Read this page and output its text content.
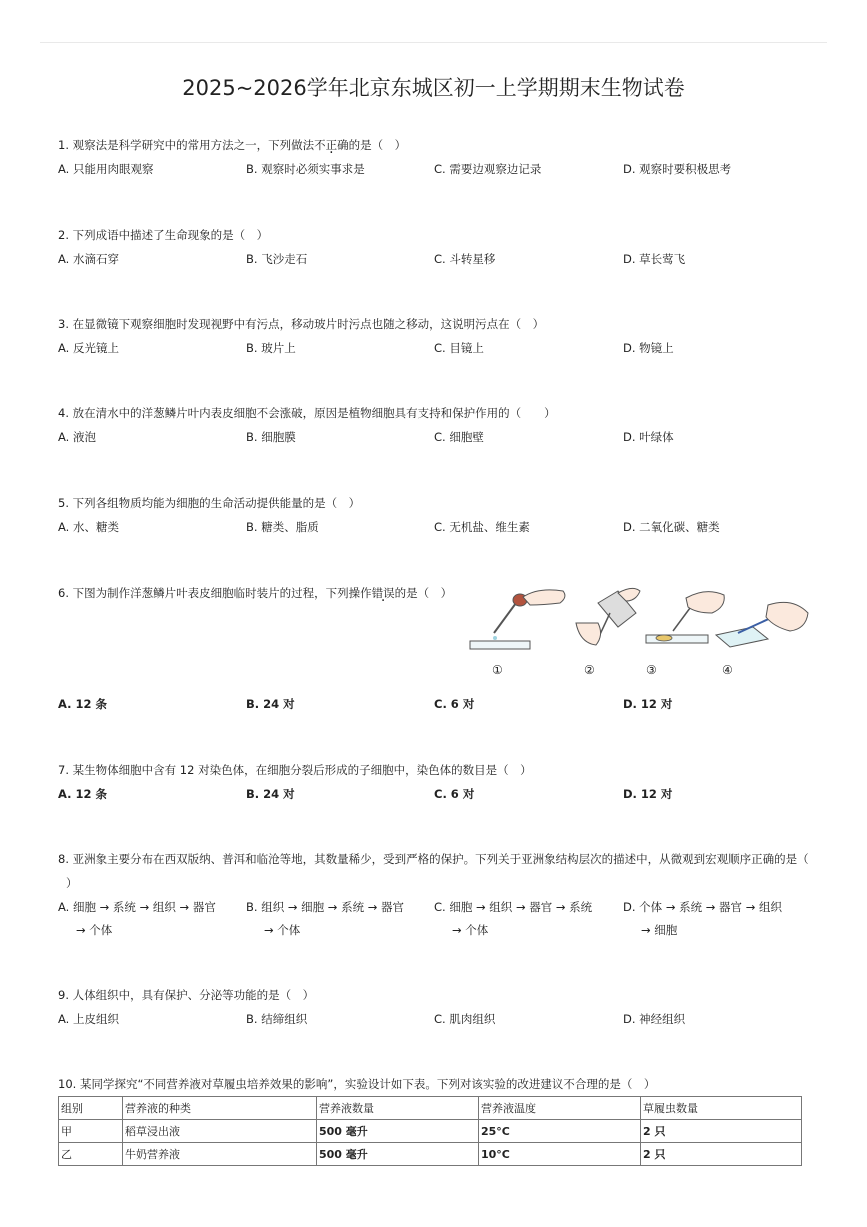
2025~2026学年北京东城区初一上学期期末生物试卷
1. 观察法是科学研究中的常用方法之一，下列做法不正确的是（　）
A. 只能用肉眼观察	B. 观察时必须实事求是	C. 需要边观察边记录	D. 观察时要积极思考
2. 下列成语中描述了生命现象的是（　）
A. 水滴石穿	B. 飞沙走石	C. 斗转星移	D. 草长莺飞
3. 在显微镜下观察细胞时发现视野中有污点，移动玻片时污点也随之移动，这说明污点在（　）
A. 反光镜上	B. 玻片上	C. 目镜上	D. 物镜上
4. 放在清水中的洋葱鳞片叶内表皮细胞不会涨破，原因是植物细胞具有支持和保护作用的（　　）
A. 液泡	B. 细胞膜	C. 细胞壁	D. 叶绿体
5. 下列各组物质均能为细胞的生命活动提供能量的是（　）
A. 水、糖类	B. 糖类、脂质	C. 无机盐、维生素	D. 二氧化碳、糖类
6. 下图为制作洋葱鳞片叶表皮细胞临时装片的过程，下列操作错误的是（　）
A. 12 条	B. 24 对	C. 6 对	D. 12 对
①	②	③	④
7. 某生物体细胞中含有 12 对染色体，在细胞分裂后形成的子细胞中，染色体的数目是（　）
A. 12 条	B. 24 对	C. 6 对	D. 12 对
8. 亚洲象主要分布在西双版纳、普洱和临沧等地，其数量稀少，受到严格的保护。下列关于亚洲象结构层次的描述中，从微观到宏观顺序正确的是（
）
A. 细胞 → 系统 → 组织 → 器官
→ 个体
B. 组织 → 细胞 → 系统 → 器官
→ 个体
C. 细胞 → 组织 → 器官 → 系统
→ 个体
D. 个体 → 系统 → 器官 → 组织
→ 细胞
9. 人体组织中，具有保护、分泌等功能的是（　）
A. 上皮组织	B. 结缔组织	C. 肌肉组织	D. 神经组织
10. 某同学探究“不同营养液对草履虫培养效果的影响”，实验设计如下表。下列对该实验的改进建议不合理的是（　）
组别	营养液的种类	营养液数量	营养液温度	草履虫数量
甲	稻草浸出液	500 毫升	25°C	2 只
乙	牛奶营养液	500 毫升	10°C	2 只
